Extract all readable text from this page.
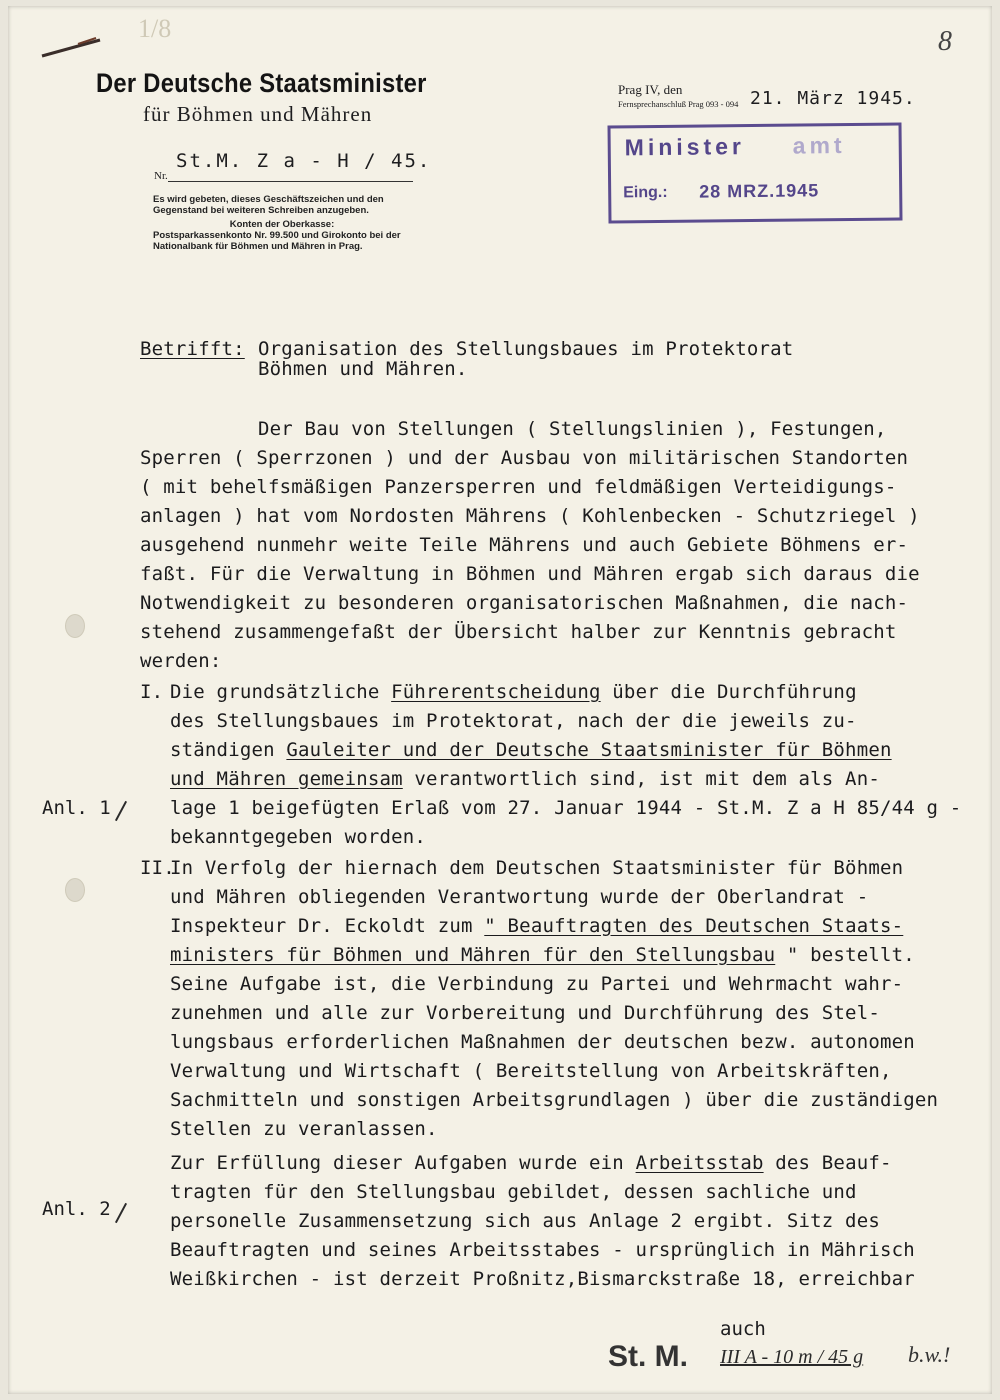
1/8	8
Der Deutsche Staatsminister
für Böhmen und Mähren
St.M. Z a - H / 45.
Nr.
Es wird gebeten, dieses Geschäftszeichen und den Gegenstand bei weiteren Schreiben anzugeben.
Konten der Oberkasse:
Postsparkassenkonto Nr. 99.500 und Girokonto bei der Nationalbank für Böhmen und Mähren in Prag.
Prag IV, den
Fernsprechanschluß Prag 093 - 094 21. März 1945.
Minister amt
Eing.: 28 MRZ.1945
Betrifft: Organisation des Stellungsbaues im Protektorat
Böhmen und Mähren.
Der Bau von Stellungen ( Stellungslinien ), Festungen,
Sperren ( Sperrzonen ) und der Ausbau von militärischen Standorten
( mit behelfsmäßigen Panzersperren und feldmäßigen Verteidigungs-
anlagen ) hat vom Nordosten Mährens ( Kohlenbecken - Schutzriegel )
ausgehend nunmehr weite Teile Mährens und auch Gebiete Böhmens er-
faßt. Für die Verwaltung in Böhmen und Mähren ergab sich daraus die
Notwendigkeit zu besonderen organisatorischen Maßnahmen, die nach-
stehend zusammengefaßt der Übersicht halber zur Kenntnis gebracht
werden:
I. Die grundsätzliche Führerentscheidung über die Durchführung
des Stellungsbaues im Protektorat, nach der die jeweils zu-
ständigen Gauleiter und der Deutsche Staatsminister für Böhmen
und Mähren gemeinsam verantwortlich sind, ist mit dem als An-
lage 1 beigefügten Erlaß vom 27. Januar 1944 - St.M. Z a H 85/44 g -
bekanntgegeben worden.
Anl. 1
II.
In Verfolg der hiernach dem Deutschen Staatsminister für Böhmen
und Mähren obliegenden Verantwortung wurde der Oberlandrat -
Inspekteur Dr. Eckoldt zum " Beauftragten des Deutschen Staats-
ministers für Böhmen und Mähren für den Stellungsbau " bestellt.
Seine Aufgabe ist, die Verbindung zu Partei und Wehrmacht wahr-
zunehmen und alle zur Vorbereitung und Durchführung des Stel-
lungsbaus erforderlichen Maßnahmen der deutschen bezw. autonomen
Verwaltung und Wirtschaft ( Bereitstellung von Arbeitskräften,
Sachmitteln und sonstigen Arbeitsgrundlagen ) über die zuständigen
Stellen zu veranlassen.
Zur Erfüllung dieser Aufgaben wurde ein Arbeitsstab des Beauf-
tragten für den Stellungsbau gebildet, dessen sachliche und
personelle Zusammensetzung sich aus Anlage 2 ergibt. Sitz des
Beauftragten und seines Arbeitsstabes - ursprünglich in Mährisch
Weißkirchen - ist derzeit Proßnitz,Bismarckstraße 18, erreichbar
Anl. 2
auch
St. M. III A - 10 m / 45 g b.w.!
